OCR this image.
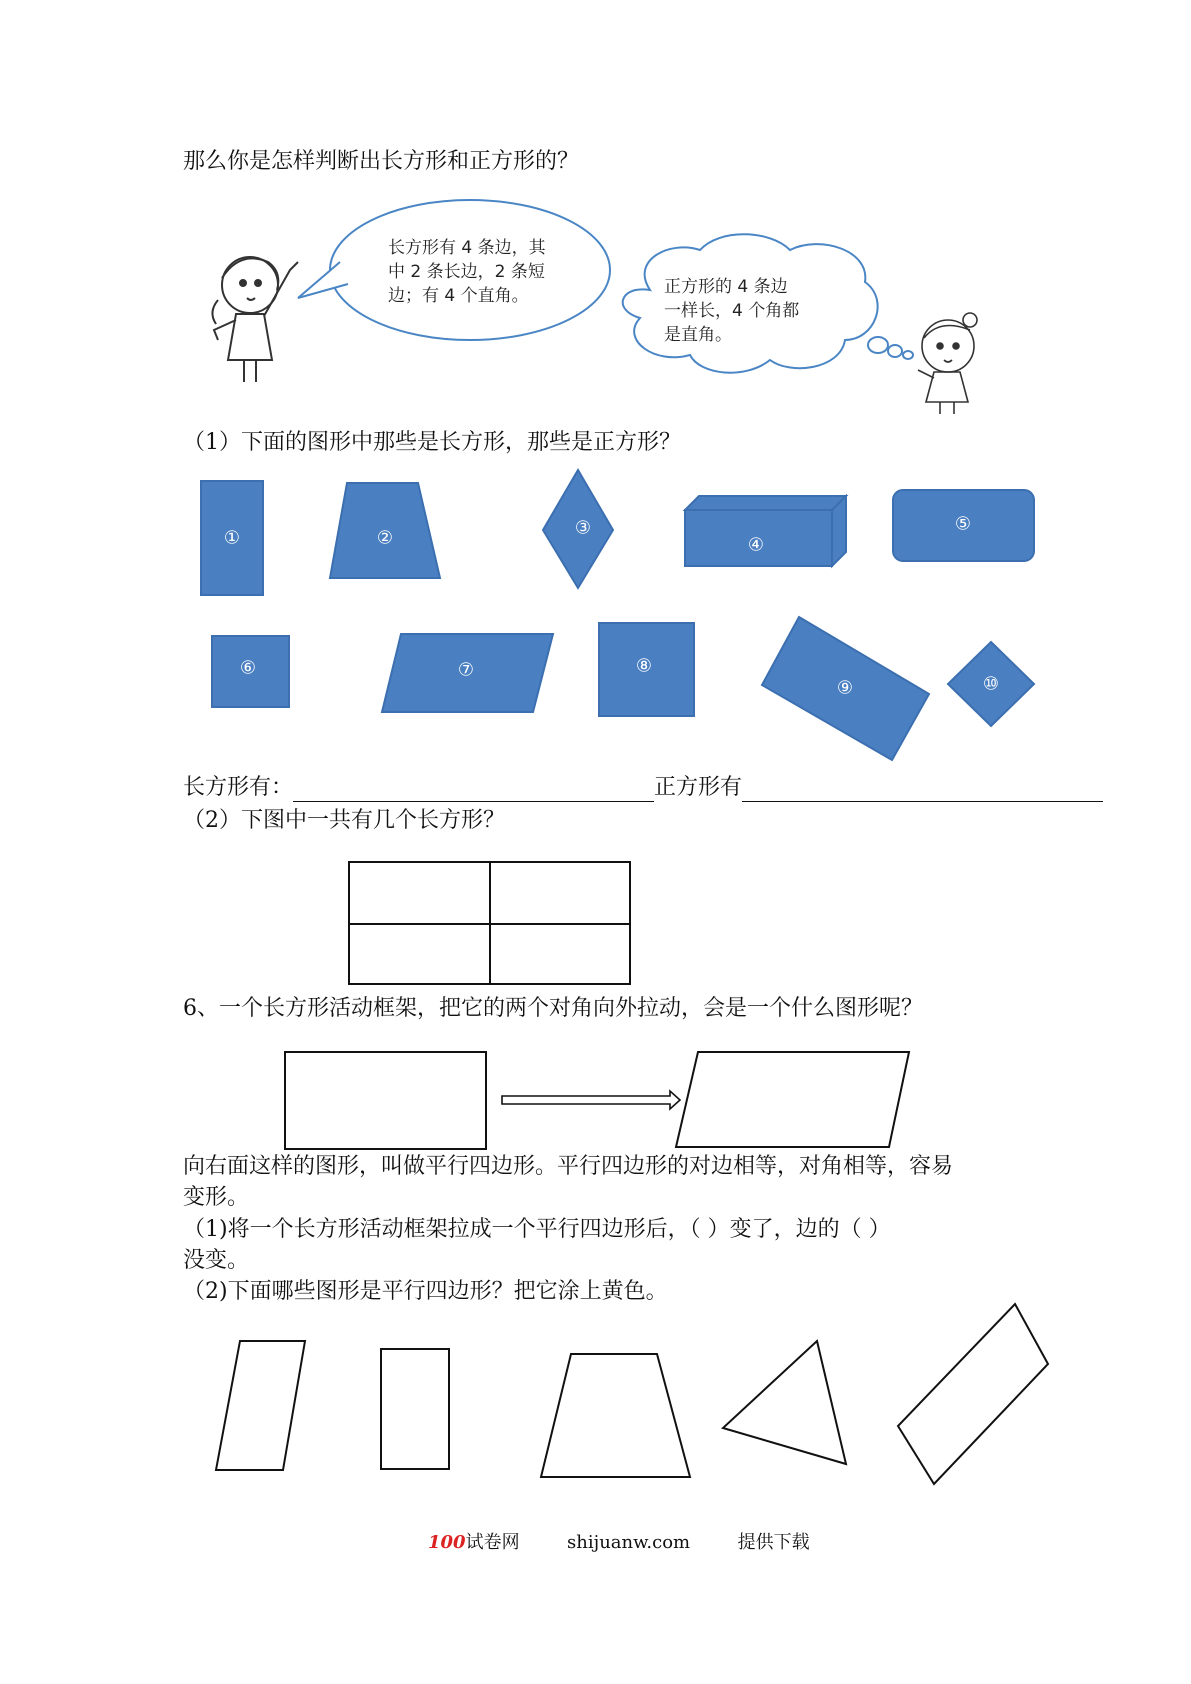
那么你是怎样判断出长方形和正方形的？
长方形有 4 条边，其
中 2 条长边，2 条短
边；有 4 个直角。	正方形的 4 条边
一样长，4 个角都
是直角。
（1）下面的图形中那些是长方形，那些是正方形？
①	②	③
④
⑤
⑥	⑦	⑧
⑨	⑩
长方形有：	正方形有
（2）下图中一共有几个长方形？
6、一个长方形活动框架，把它的两个对角向外拉动，会是一个什么图形呢？
向右面这样的图形，叫做平行四边形。平行四边形的对边相等，对角相等，容易
变形。
（1)将一个长方形活动框架拉成一个平行四边形后，（ ）变了，边的（ ）
没变。
（2)下面哪些图形是平行四边形？把它涂上黄色。
100试卷网	shijuanw.com	提供下载
